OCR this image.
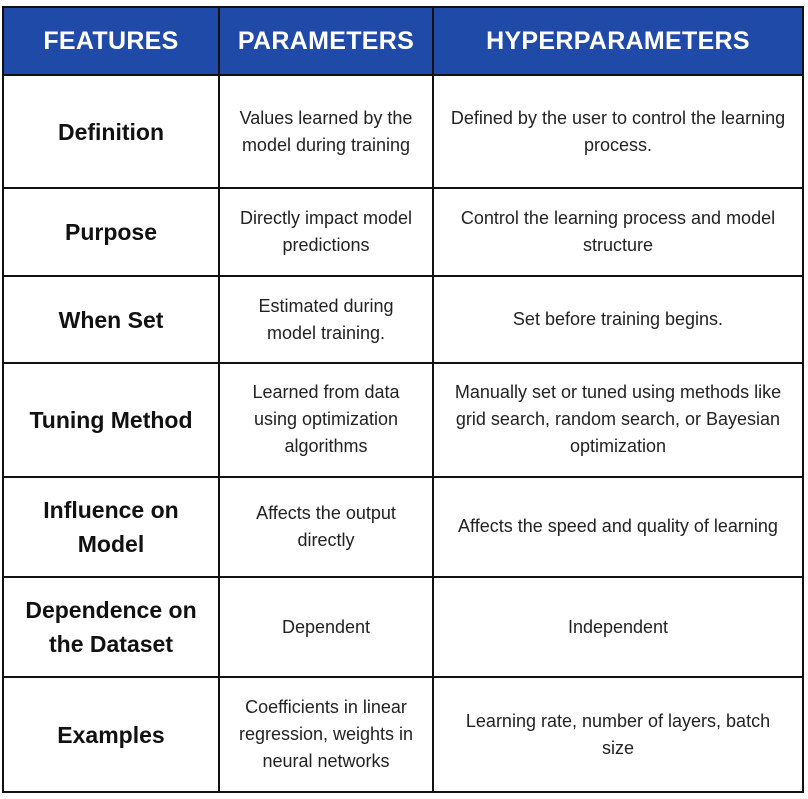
FEATURES	PARAMETERS	HYPERPARAMETERS
Definition	Values learned by the model during training	Defined by the user to control the learning process.
Purpose	Directly impact model predictions	Control the learning process and model structure
When Set	Estimated during model training.	Set before training begins.
Tuning Method	Learned from data using optimization algorithms	Manually set or tuned using methods like grid search, random search, or Bayesian optimization
Influence on Model	Affects the output directly	Affects the speed and quality of learning
Dependence on the Dataset	Dependent	Independent
Examples	Coefficients in linear regression, weights in neural networks	Learning rate, number of layers, batch size
